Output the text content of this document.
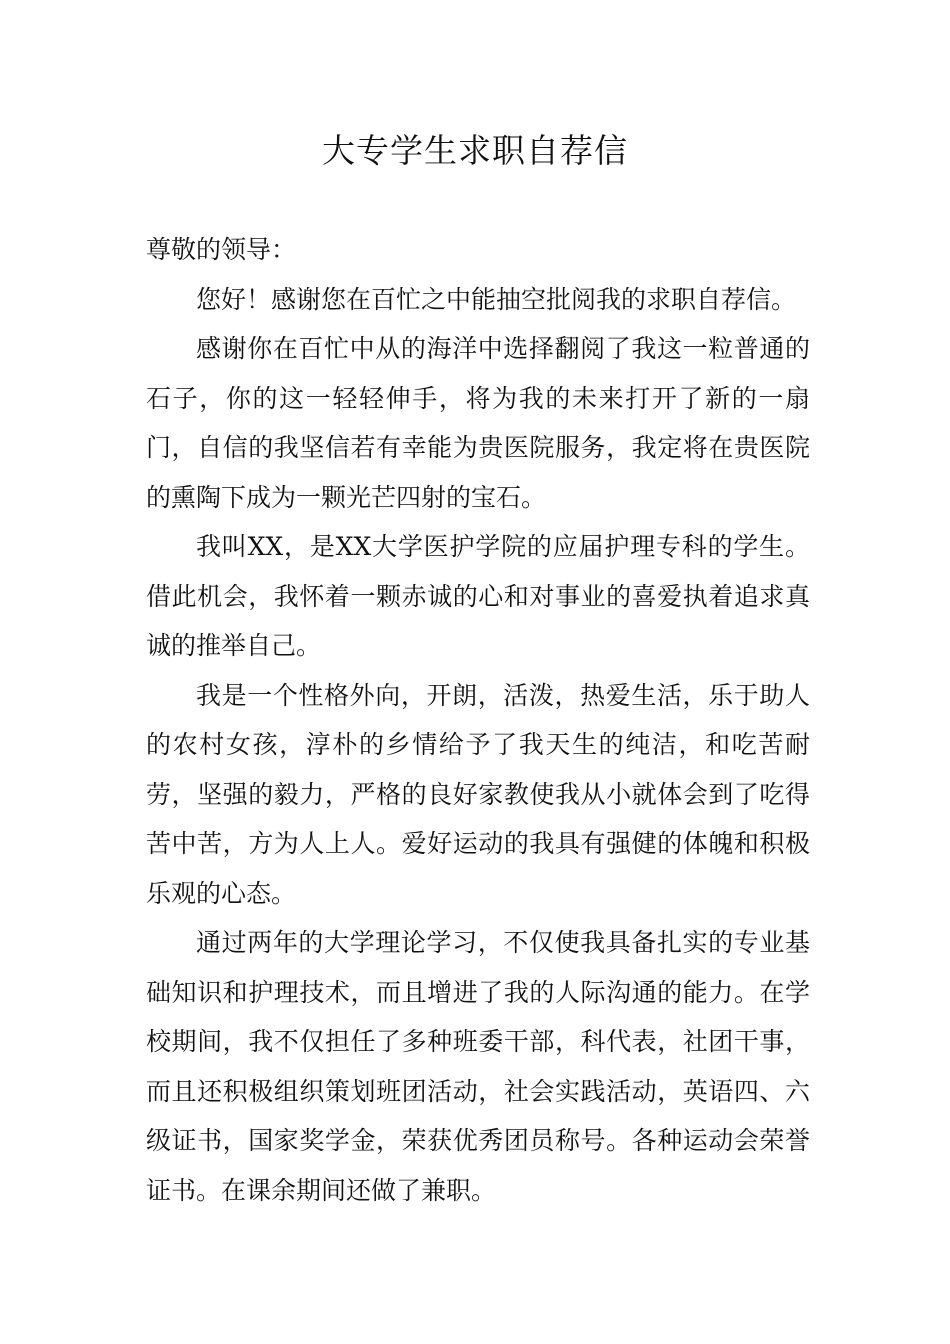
大专学生求职自荐信

尊敬的领导：

您好！感谢您在百忙之中能抽空批阅我的求职自荐信。

感谢你在百忙中从的海洋中选择翻阅了我这一粒普通的石子，你的这一轻轻伸手，将为我的未来打开了新的一扇门，自信的我坚信若有幸能为贵医院服务，我定将在贵医院的熏陶下成为一颗光芒四射的宝石。

我叫XX，是XX大学医护学院的应届护理专科的学生。借此机会，我怀着一颗赤诚的心和对事业的喜爱执着追求真诚的推举自己。

我是一个性格外向，开朗，活泼，热爱生活，乐于助人的农村女孩，淳朴的乡情给予了我天生的纯洁，和吃苦耐劳，坚强的毅力，严格的良好家教使我从小就体会到了吃得苦中苦，方为人上人。爱好运动的我具有强健的体魄和积极乐观的心态。

通过两年的大学理论学习，不仅使我具备扎实的专业基础知识和护理技术，而且增进了我的人际沟通的能力。在学校期间，我不仅担任了多种班委干部，科代表，社团干事，而且还积极组织策划班团活动，社会实践活动，英语四、六级证书，国家奖学金，荣获优秀团员称号。各种运动会荣誉证书。在课余期间还做了兼职。
